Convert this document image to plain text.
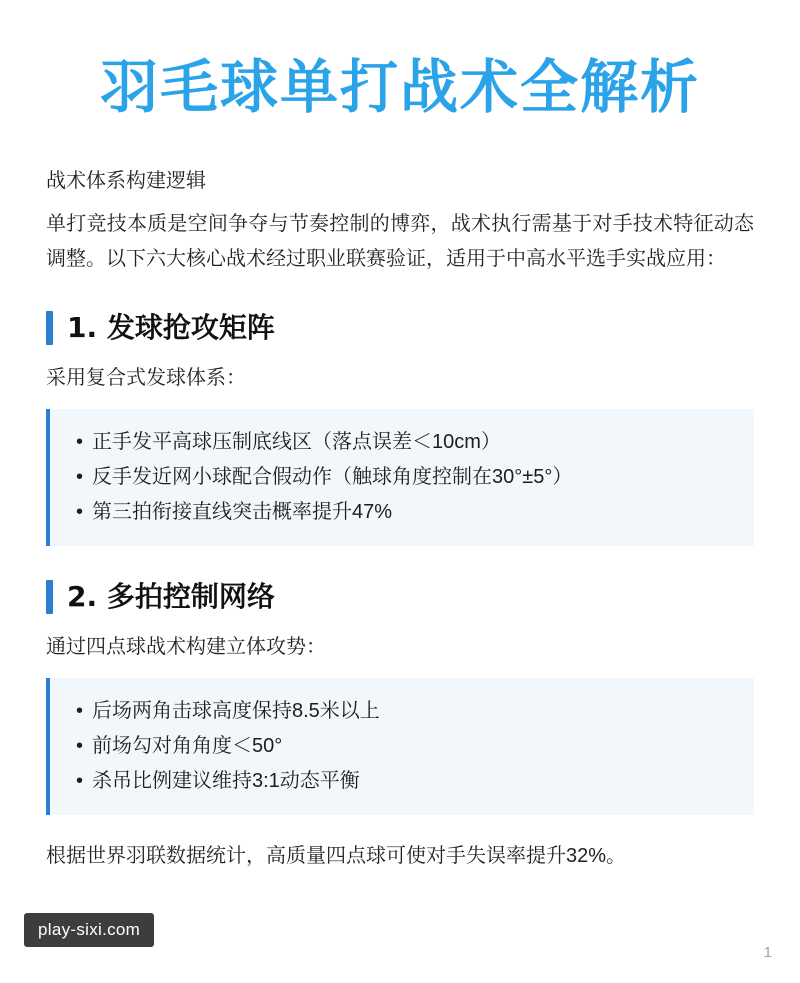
羽毛球单打战术全解析
战术体系构建逻辑

单打竞技本质是空间争夺与节奏控制的博弈，战术执行需基于对手技术特征动态调整。以下六大核心战术经过职业联赛验证，适用于中高水平选手实战应用：

1. 发球抢攻矩阵
采用复合式发球体系：
• 正手发平高球压制底线区（落点误差＜10cm）
• 反手发近网小球配合假动作（触球角度控制在30°±5°）
• 第三拍衔接直线突击概率提升47%
2. 多拍控制网络
通过四点球战术构建立体攻势：
• 后场两角击球高度保持8.5米以上
• 前场勾对角角度＜50°
• 杀吊比例建议维持3:1动态平衡
根据世界羽联数据统计，高质量四点球可使对手失误率提升32%。
play-sixi.com
1
